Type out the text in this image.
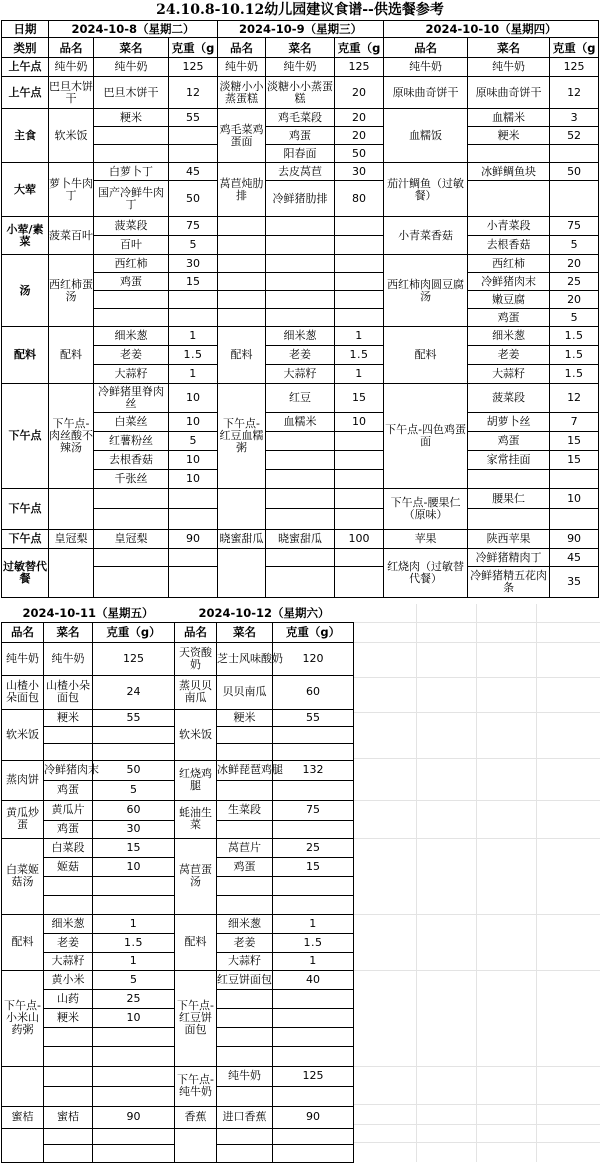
24.10.8-10.12幼儿园建议食谱--供选餐参考
日期	2024-10-8（星期二）			2024-10-9（星期三）			2024-10-10（星期四）		
类别	品名	菜名	克重（g	品名	菜名	克重（g	品名	菜名	克重（g
上午点	纯牛奶	纯牛奶	125	纯牛奶	纯牛奶	125	纯牛奶	纯牛奶	125
上午点	巴旦木饼干	巴旦木饼干	12	淡糖小小蒸蛋糕	淡糖小小蒸蛋糕	20	原味曲奇饼干	原味曲奇饼干	12
主食	软米饭	粳米	55	鸡毛菜鸡蛋面	鸡毛菜段	20	血糯饭	血糯米	3
					鸡蛋	20		粳米	52
					阳春面	50			
大荤	萝卜牛肉丁	白萝卜丁	45	莴苣炖肋排	去皮莴苣	30	茄汁鲷鱼（过敏餐）	冰鲜鲷鱼块	50
		国产冷鲜牛肉丁	50		冷鲜猪肋排	80			
小荤/素菜	菠菜百叶	菠菜段	75				小青菜香菇	小青菜段	75
		百叶	5					去根香菇	5
汤	西红柿蛋汤	西红柿	30				西红柿肉圆豆腐汤	西红柿	20
		鸡蛋	15					冷鲜猪肉末	25
								嫩豆腐	20
								鸡蛋	5
配料	配料	细米葱	1	配料	细米葱	1	配料	细米葱	1.5
		老姜	1.5		老姜	1.5		老姜	1.5
		大蒜籽	1		大蒜籽	1		大蒜籽	1.5
下午点	下午点-肉丝酸不辣汤	冷鲜猪里脊肉丝	10	下午点-红豆血糯粥	红豆	15	下午点-四色鸡蛋面	菠菜段	12
		白菜丝	10		血糯米	10		胡萝卜丝	7
		红薯粉丝	5					鸡蛋	15
		去根香菇	10					家常挂面	15
		千张丝	10						
下午点							下午点-腰果仁（原味）	腰果仁	10

下午点	皇冠梨	皇冠梨	90	晓蜜甜瓜	晓蜜甜瓜	100	苹果	陕西苹果	90
过敏替代餐							红烧肉（过敏替代餐）	冷鲜猪精肉丁	45
								冷鲜猪精五花肉条	35
2024-10-11（星期五）			2024-10-12（星期六）		
品名	菜名	克重（g）	品名	菜名	克重（g）
纯牛奶	纯牛奶	125	天资酸奶	芝士风味酸奶	120
山楂小朵面包	山楂小朵面包	24	蒸贝贝南瓜	贝贝南瓜	60
软米饭	粳米	55	软米饭	粳米	55

蒸肉饼	冷鲜猪肉末	50	红烧鸡腿	冰鲜琵琶鸡腿	132
	鸡蛋	5			
黄瓜炒蛋	黄瓜片	60	蚝油生菜	生菜段	75
	鸡蛋	30			
白菜姬菇汤	白菜段	15	莴苣蛋汤	莴苣片	25
	姬菇	10		鸡蛋	15

配料	细米葱	1	配料	细米葱	1
	老姜	1.5		老姜	1.5
	大蒜籽	1		大蒜籽	1
下午点-小米山药粥	黄小米	5	下午点-红豆饼面包	红豆饼面包	40
	山药	25			
	粳米	10			

			下午点-纯牛奶	纯牛奶	125

蜜桔	蜜桔	90	香蕉	进口香蕉	90
